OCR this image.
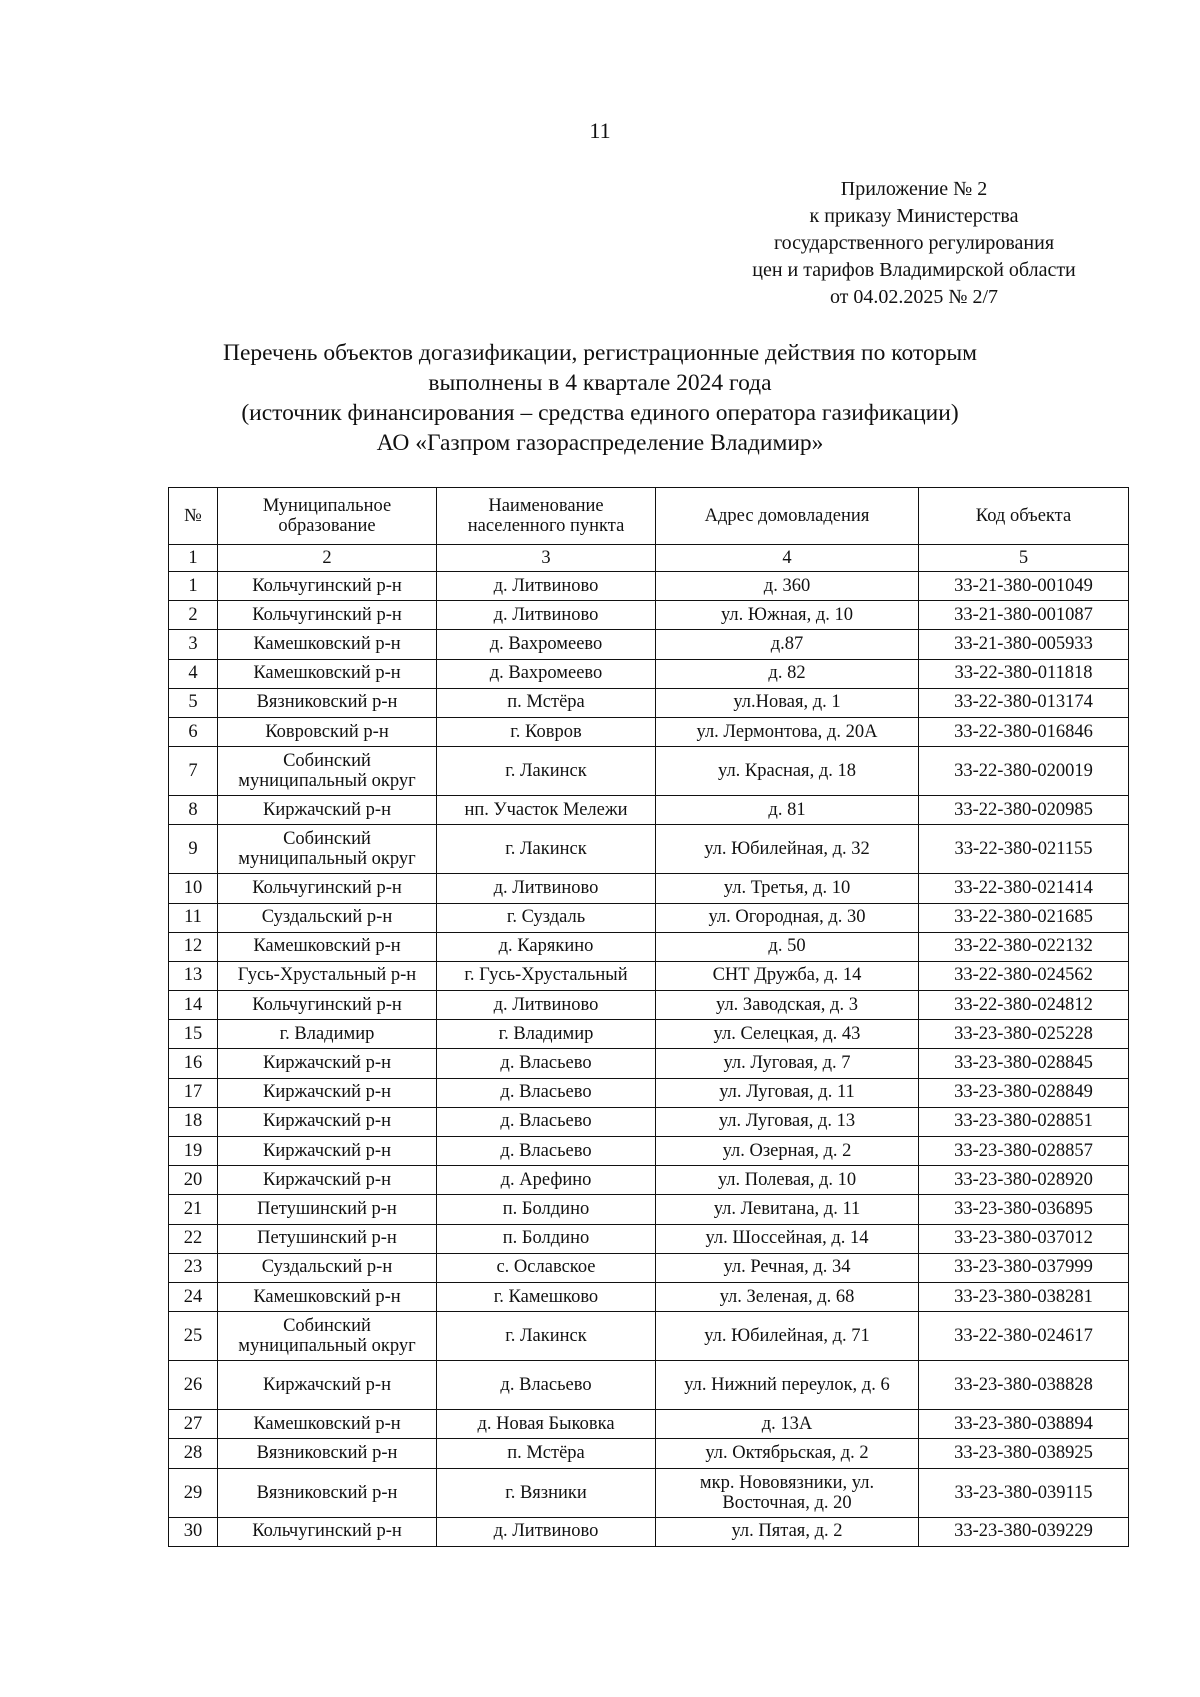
11
Приложение № 2
к приказу Министерства
государственного регулирования
цен и тарифов Владимирской области
от 04.02.2025 № 2/7
Перечень объектов догазификации, регистрационные действия по которым
выполнены в 4 квартале 2024 года
(источник финансирования – средства единого оператора газификации)
АО «Газпром газораспределение Владимир»
№	Муниципальное образование	Наименование населенного пункта	Адрес домовладения	Код объекта
1	2	3	4	5
1	Кольчугинский р-н	д. Литвиново	д. 360	33-21-380-001049
2	Кольчугинский р-н	д. Литвиново	ул. Южная, д. 10	33-21-380-001087
3	Камешковский р-н	д. Вахромеево	д.87	33-21-380-005933
4	Камешковский р-н	д. Вахромеево	д. 82	33-22-380-011818
5	Вязниковский р-н	п. Мстёра	ул.Новая, д. 1	33-22-380-013174
6	Ковровский р-н	г. Ковров	ул. Лермонтова, д. 20А	33-22-380-016846
7	Собинский муниципальный округ	г. Лакинск	ул. Красная, д. 18	33-22-380-020019
8	Киржачский р-н	нп. Участок Мележи	д. 81	33-22-380-020985
9	Собинский муниципальный округ	г. Лакинск	ул. Юбилейная, д. 32	33-22-380-021155
10	Кольчугинский р-н	д. Литвиново	ул. Третья, д. 10	33-22-380-021414
11	Суздальский р-н	г. Суздаль	ул. Огородная, д. 30	33-22-380-021685
12	Камешковский р-н	д. Карякино	д. 50	33-22-380-022132
13	Гусь-Хрустальный р-н	г. Гусь-Хрустальный	СНТ Дружба, д. 14	33-22-380-024562
14	Кольчугинский р-н	д. Литвиново	ул. Заводская, д. 3	33-22-380-024812
15	г. Владимир	г. Владимир	ул. Селецкая, д. 43	33-23-380-025228
16	Киржачский р-н	д. Власьево	ул. Луговая, д. 7	33-23-380-028845
17	Киржачский р-н	д. Власьево	ул. Луговая, д. 11	33-23-380-028849
18	Киржачский р-н	д. Власьево	ул. Луговая, д. 13	33-23-380-028851
19	Киржачский р-н	д. Власьево	ул. Озерная, д. 2	33-23-380-028857
20	Киржачский р-н	д. Арефино	ул. Полевая, д. 10	33-23-380-028920
21	Петушинский р-н	п. Болдино	ул. Левитана, д. 11	33-23-380-036895
22	Петушинский р-н	п. Болдино	ул. Шоссейная, д. 14	33-23-380-037012
23	Суздальский р-н	с. Ославское	ул. Речная, д. 34	33-23-380-037999
24	Камешковский р-н	г. Камешково	ул. Зеленая, д. 68	33-23-380-038281
25	Собинский муниципальный округ	г. Лакинск	ул. Юбилейная, д. 71	33-22-380-024617
26	Киржачский р-н	д. Власьево	ул. Нижний переулок, д. 6	33-23-380-038828
27	Камешковский р-н	д. Новая Быковка	д. 13А	33-23-380-038894
28	Вязниковский р-н	п. Мстёра	ул. Октябрьская, д. 2	33-23-380-038925
29	Вязниковский р-н	г. Вязники	мкр. Нововязники, ул. Восточная, д. 20	33-23-380-039115
30	Кольчугинский р-н	д. Литвиново	ул. Пятая, д. 2	33-23-380-039229
